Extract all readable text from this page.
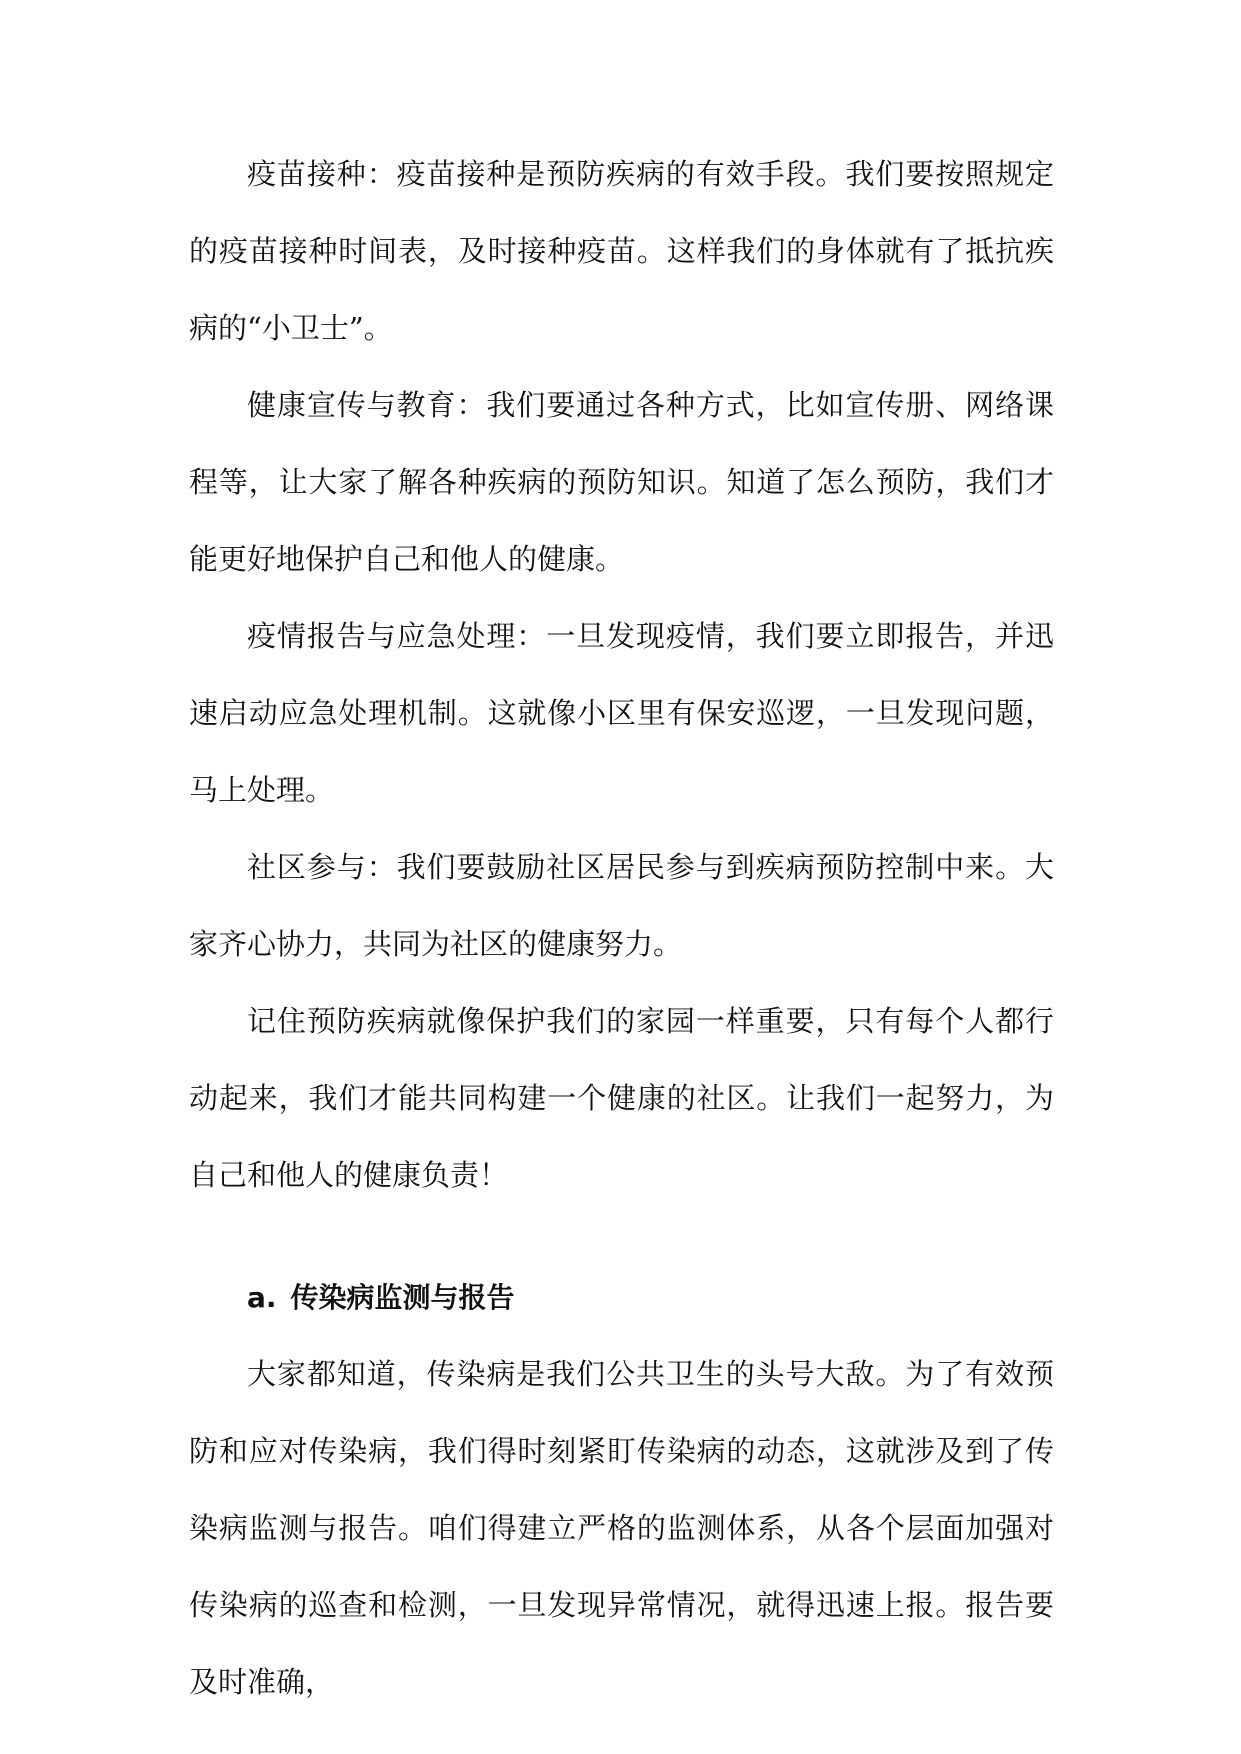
疫苗接种：疫苗接种是预防疾病的有效手段。我们要按照规定的疫苗接种时间表，及时接种疫苗。这样我们的身体就有了抵抗疾病的“小卫士”。

健康宣传与教育：我们要通过各种方式，比如宣传册、网络课程等，让大家了解各种疾病的预防知识。知道了怎么预防，我们才能更好地保护自己和他人的健康。

疫情报告与应急处理：一旦发现疫情，我们要立即报告，并迅速启动应急处理机制。这就像小区里有保安巡逻，一旦发现问题，马上处理。

社区参与：我们要鼓励社区居民参与到疾病预防控制中来。大家齐心协力，共同为社区的健康努力。

记住预防疾病就像保护我们的家园一样重要，只有每个人都行动起来，我们才能共同构建一个健康的社区。让我们一起努力，为自己和他人的健康负责！

a. 传染病监测与报告

大家都知道，传染病是我们公共卫生的头号大敌。为了有效预防和应对传染病，我们得时刻紧盯传染病的动态，这就涉及到了传染病监测与报告。咱们得建立严格的监测体系，从各个层面加强对传染病的巡查和检测，一旦发现异常情况，就得迅速上报。报告要及时准确，
